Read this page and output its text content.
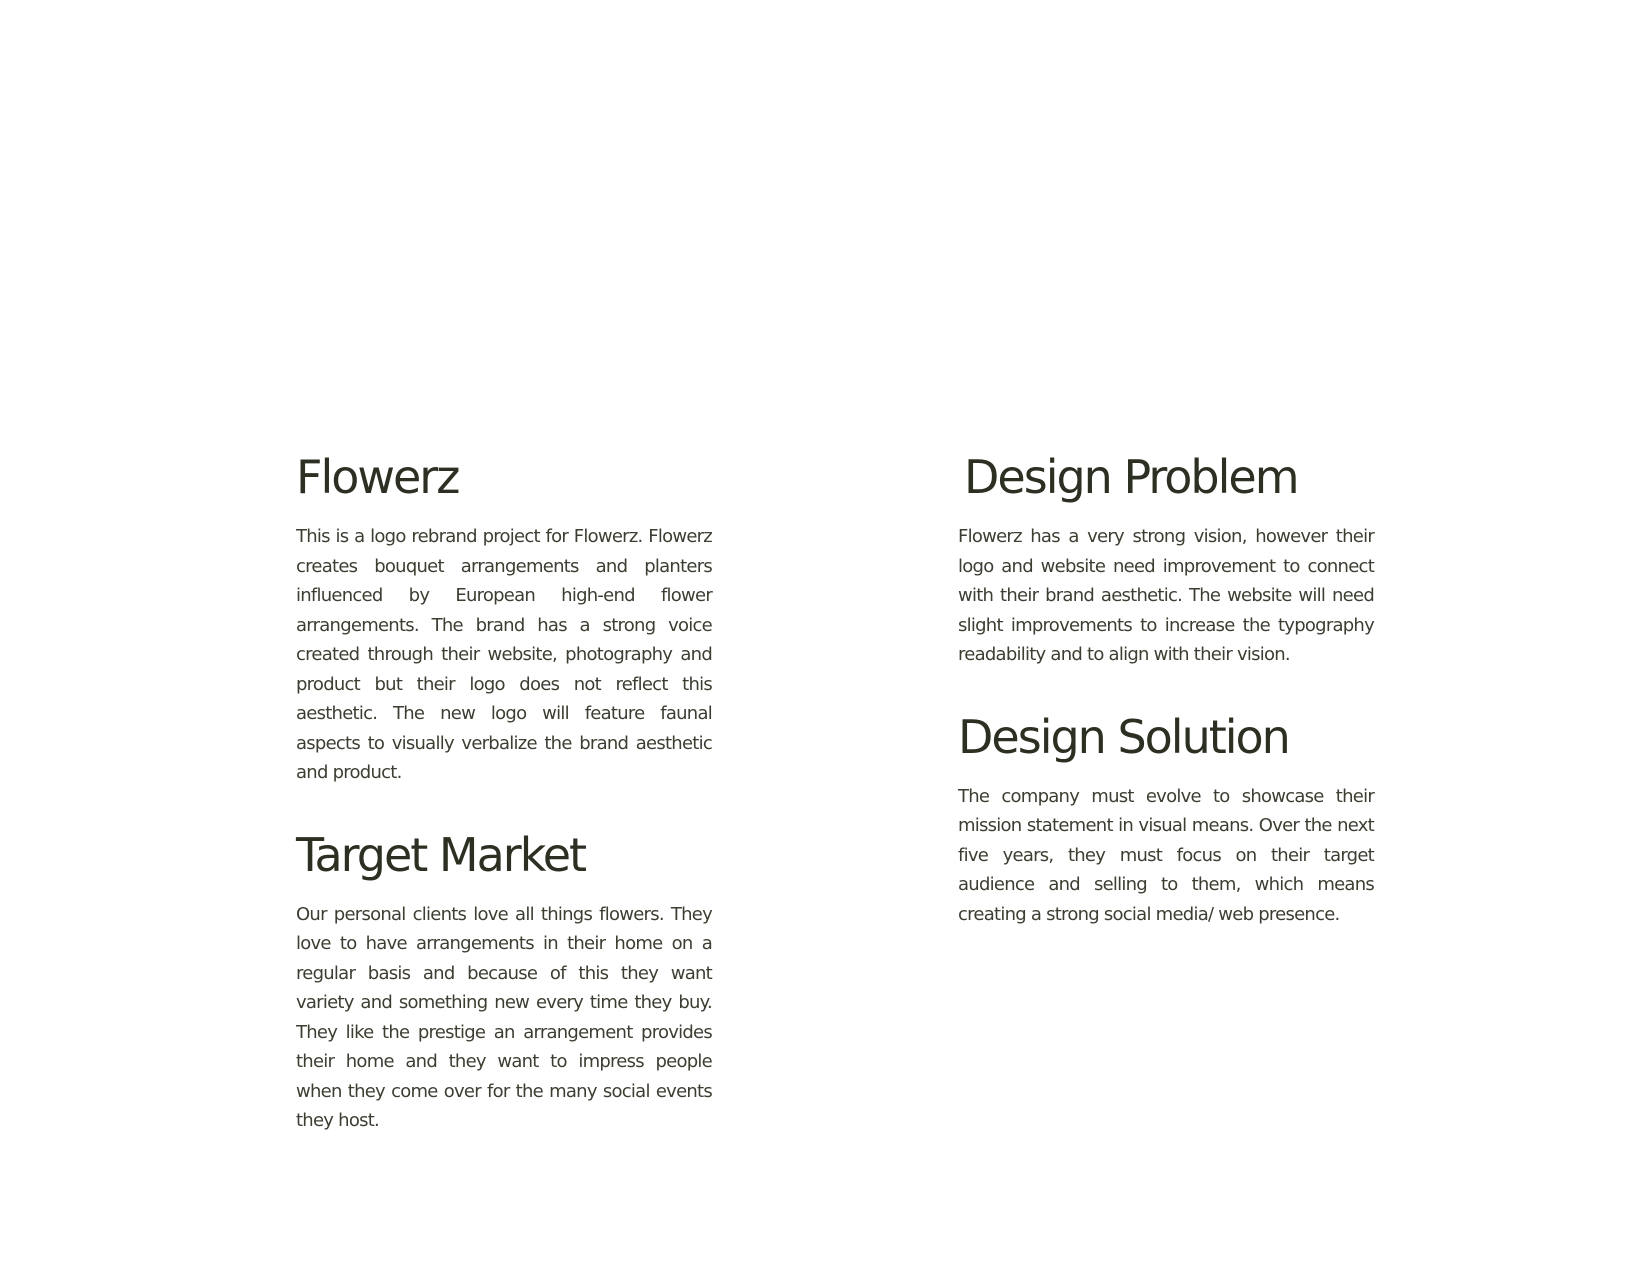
Flowerz

This is a logo rebrand project for Flowerz. Flowerz creates bouquet arrangements and planters influenced by European high-end flower arrangements. The brand has a strong voice created through their website, photography and product but their logo does not reflect this aesthetic. The new logo will feature faunal aspects to visually verbalize the brand aesthetic and product.

Target Market

Our personal clients love all things flowers. They love to have arrangements in their home on a regular basis and because of this they want variety and something new every time they buy. They like the prestige an arrangement provides their home and they want to impress people when they come over for the many social events they host.

Design Problem

Flowerz has a very strong vision, however their logo and website need improvement to connect with their brand aesthetic. The website will need slight improvements to increase the typography readability and to align with their vision.

Design Solution

The company must evolve to showcase their mission statement in visual means. Over the next five years, they must focus on their target audience and selling to them, which means creating a strong social media/ web presence.
